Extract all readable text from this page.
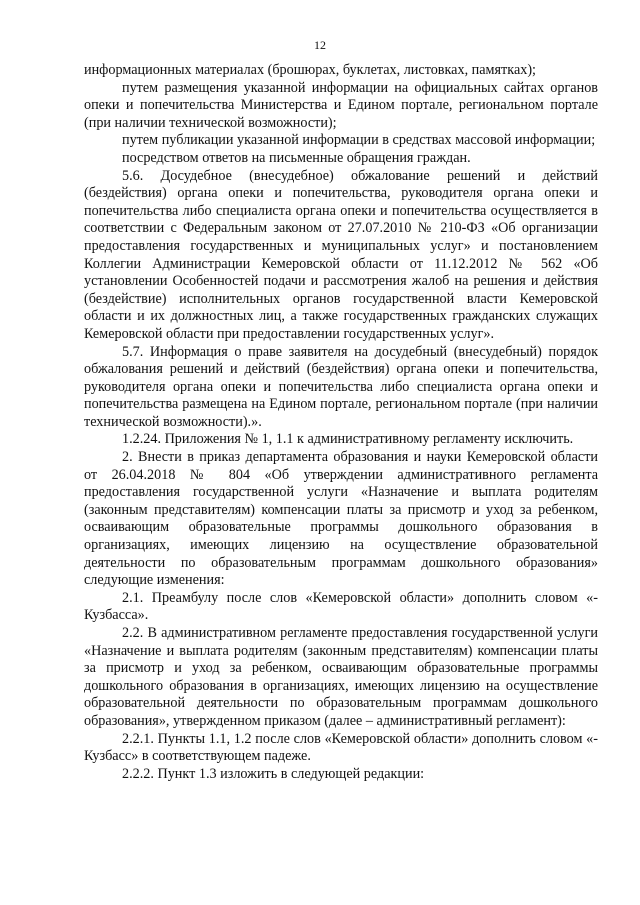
12

информационных материалах (брошюрах, буклетах, листовках, памятках);

путем размещения указанной информации на официальных сайтах органов опеки и попечительства Министерства и Едином портале, региональном портале (при наличии технической возможности);

путем публикации указанной информации в средствах массовой информации;

посредством ответов на письменные обращения граждан.

5.6. Досудебное (внесудебное) обжалование решений и действий (бездействия) органа опеки и попечительства, руководителя органа опеки и попечительства либо специалиста органа опеки и попечительства осуществляется в соответствии с Федеральным законом от 27.07.2010 № 210-ФЗ «Об организации предоставления государственных и муниципальных услуг» и постановлением Коллегии Администрации Кемеровской области от 11.12.2012 № 562 «Об установлении Особенностей подачи и рассмотрения жалоб на решения и действия (бездействие) исполнительных органов государственной власти Кемеровской области и их должностных лиц, а также государственных гражданских служащих Кемеровской области при предоставлении государственных услуг».

5.7. Информация о праве заявителя на досудебный (внесудебный) порядок обжалования решений и действий (бездействия) органа опеки и попечительства, руководителя органа опеки и попечительства либо специалиста органа опеки и попечительства размещена на Едином портале, региональном портале (при наличии технической возможности).».

1.2.24. Приложения № 1, 1.1 к административному регламенту исключить.

2. Внести в приказ департамента образования и науки Кемеровской области от 26.04.2018 № 804 «Об утверждении административного регламента предоставления государственной услуги «Назначение и выплата родителям (законным представителям) компенсации платы за присмотр и уход за ребенком, осваивающим образовательные программы дошкольного образования в организациях, имеющих лицензию на осуществление образовательной деятельности по образовательным программам дошкольного образования» следующие изменения:

2.1. Преамбулу после слов «Кемеровской области» дополнить словом «-Кузбасса».

2.2. В административном регламенте предоставления государственной услуги «Назначение и выплата родителям (законным представителям) компенсации платы за присмотр и уход за ребенком, осваивающим образовательные программы дошкольного образования в организациях, имеющих лицензию на осуществление образовательной деятельности по образовательным программам дошкольного образования», утвержденном приказом (далее – административный регламент):

2.2.1. Пункты 1.1, 1.2 после слов «Кемеровской области» дополнить словом «-Кузбасс» в соответствующем падеже.

2.2.2. Пункт 1.3 изложить в следующей редакции:
